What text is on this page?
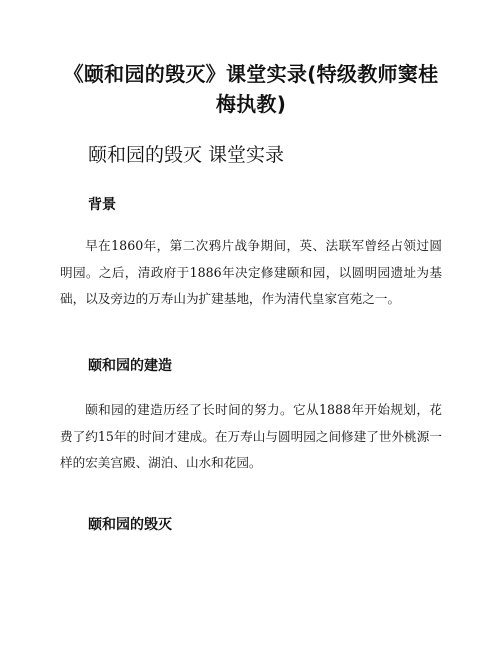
《颐和园的毁灭》课堂实录(特级教师窦桂梅执教)
颐和园的毁灭 课堂实录
背景

早在1860年，第二次鸦片战争期间，英、法联军曾经占领过圆明园。之后，清政府于1886年决定修建颐和园，以圆明园遗址为基础，以及旁边的万寿山为扩建基地，作为清代皇家宫苑之一。

颐和园的建造

颐和园的建造历经了长时间的努力。它从1888年开始规划，花费了约15年的时间才建成。在万寿山与圆明园之间修建了世外桃源一样的宏美宫殿、湖泊、山水和花园。

颐和园的毁灭
